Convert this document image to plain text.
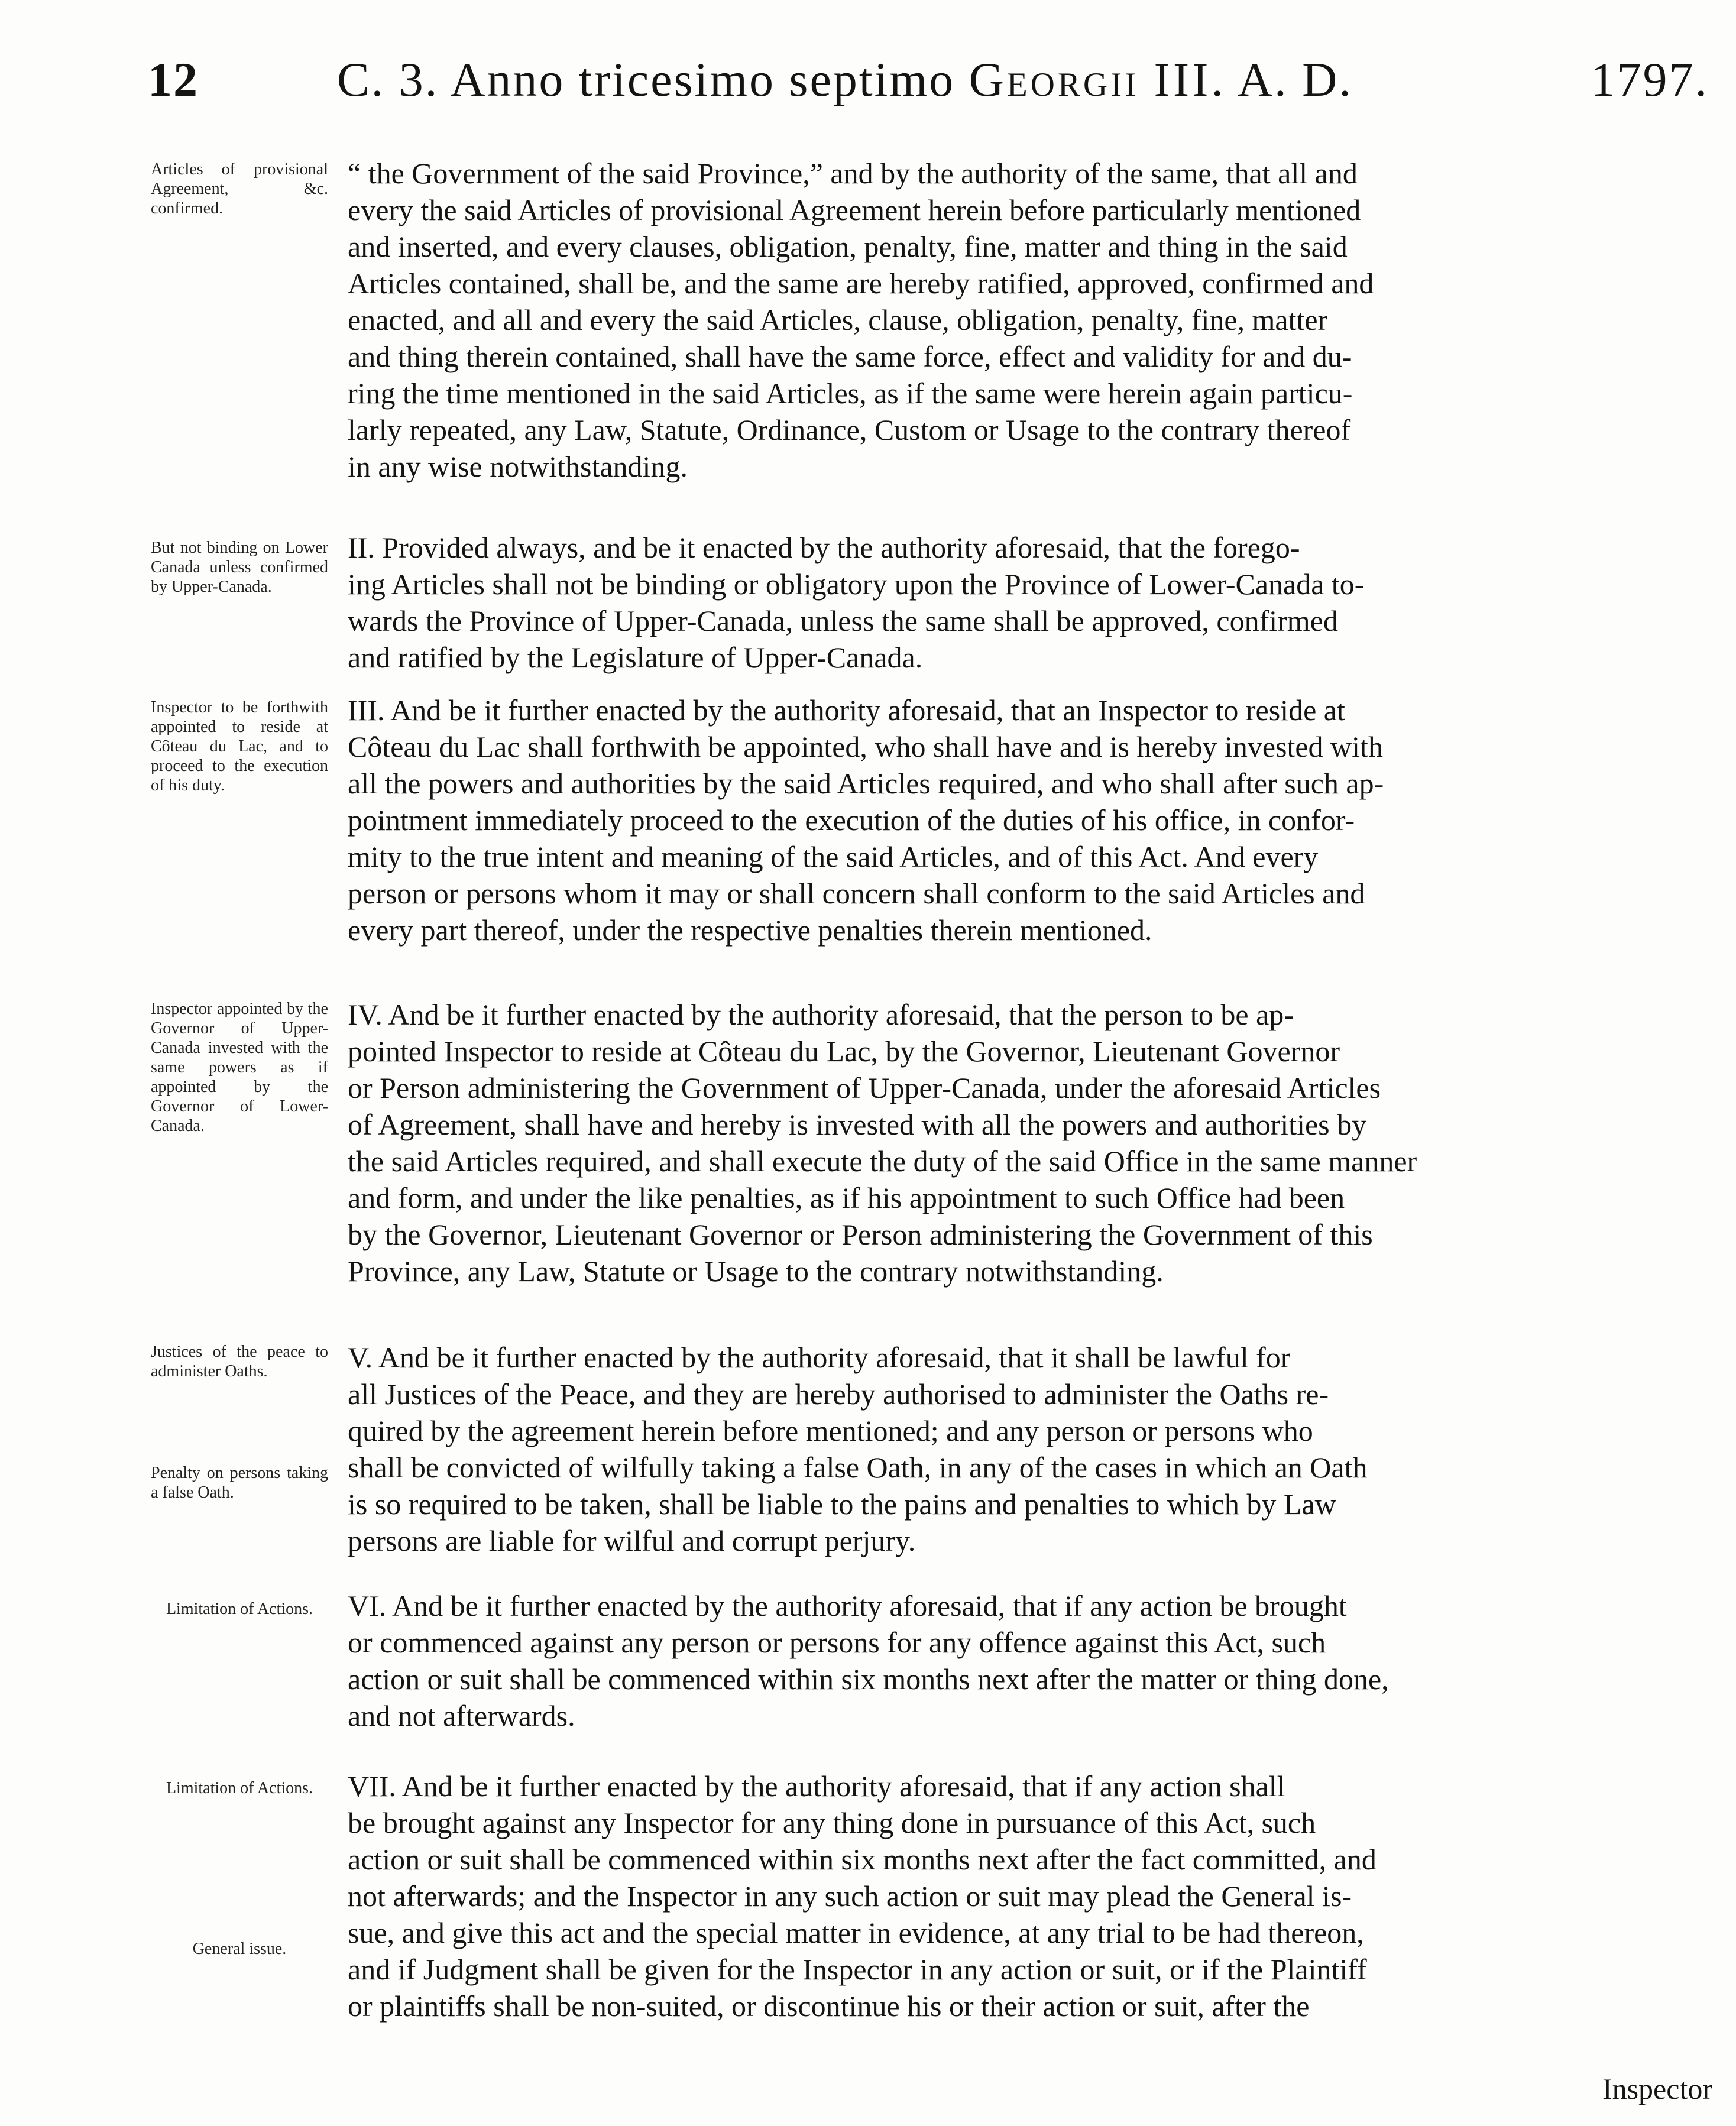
12	C. 3. Anno tricesimo septimo Georgii III. A. D.	1797.
Articles of provisional Agreement, &c. confirmed.
But not binding on Lower Canada unless confirmed by Upper-Canada.
Inspector to be forthwith appointed to reside at Côteau du Lac, and to proceed to the execution of his duty.
Inspector appointed by the Governor of Upper-Canada invested with the same powers as if appointed by the Governor of Lower-Canada.
Justices of the peace to administer Oaths.
Penalty on persons taking a false Oath.
Limitation of Actions.
Limitation of Actions.
General issue.
“ the Government of the said Province,” and by the authority of the same, that all and
every the said Articles of provisional Agreement herein before particularly mentioned
and inserted, and every clauses, obligation, penalty, fine, matter and thing in the said
Articles contained, shall be, and the same are hereby ratified, approved, confirmed and
enacted, and all and every the said Articles, clause, obligation, penalty, fine, matter
and thing therein contained, shall have the same force, effect and validity for and du-
ring the time mentioned in the said Articles, as if the same were herein again particu-
larly repeated, any Law, Statute, Ordinance, Custom or Usage to the contrary thereof
in any wise notwithstanding.
II. Provided always, and be it enacted by the authority aforesaid, that the forego-
ing Articles shall not be binding or obligatory upon the Province of Lower-Canada to-
wards the Province of Upper-Canada, unless the same shall be approved, confirmed
and ratified by the Legislature of Upper-Canada.
III. And be it further enacted by the authority aforesaid, that an Inspector to reside at
Côteau du Lac shall forthwith be appointed, who shall have and is hereby invested with
all the powers and authorities by the said Articles required, and who shall after such ap-
pointment immediately proceed to the execution of the duties of his office, in confor-
mity to the true intent and meaning of the said Articles, and of this Act. And every
person or persons whom it may or shall concern shall conform to the said Articles and
every part thereof, under the respective penalties therein mentioned.
IV. And be it further enacted by the authority aforesaid, that the person to be ap-
pointed Inspector to reside at Côteau du Lac, by the Governor, Lieutenant Governor
or Person administering the Government of Upper-Canada, under the aforesaid Articles
of Agreement, shall have and hereby is invested with all the powers and authorities by
the said Articles required, and shall execute the duty of the said Office in the same manner
and form, and under the like penalties, as if his appointment to such Office had been
by the Governor, Lieutenant Governor or Person administering the Government of this
Province, any Law, Statute or Usage to the contrary notwithstanding.
V. And be it further enacted by the authority aforesaid, that it shall be lawful for
all Justices of the Peace, and they are hereby authorised to administer the Oaths re-
quired by the agreement herein before mentioned; and any person or persons who
shall be convicted of wilfully taking a false Oath, in any of the cases in which an Oath
is so required to be taken, shall be liable to the pains and penalties to which by Law
persons are liable for wilful and corrupt perjury.
VI. And be it further enacted by the authority aforesaid, that if any action be brought
or commenced against any person or persons for any offence against this Act, such
action or suit shall be commenced within six months next after the matter or thing done,
and not afterwards.
VII. And be it further enacted by the authority aforesaid, that if any action shall
be brought against any Inspector for any thing done in pursuance of this Act, such
action or suit shall be commenced within six months next after the fact committed, and
not afterwards; and the Inspector in any such action or suit may plead the General is-
sue, and give this act and the special matter in evidence, at any trial to be had thereon,
and if Judgment shall be given for the Inspector in any action or suit, or if the Plaintiff
or plaintiffs shall be non-suited, or discontinue his or their action or suit, after the
Inspector
